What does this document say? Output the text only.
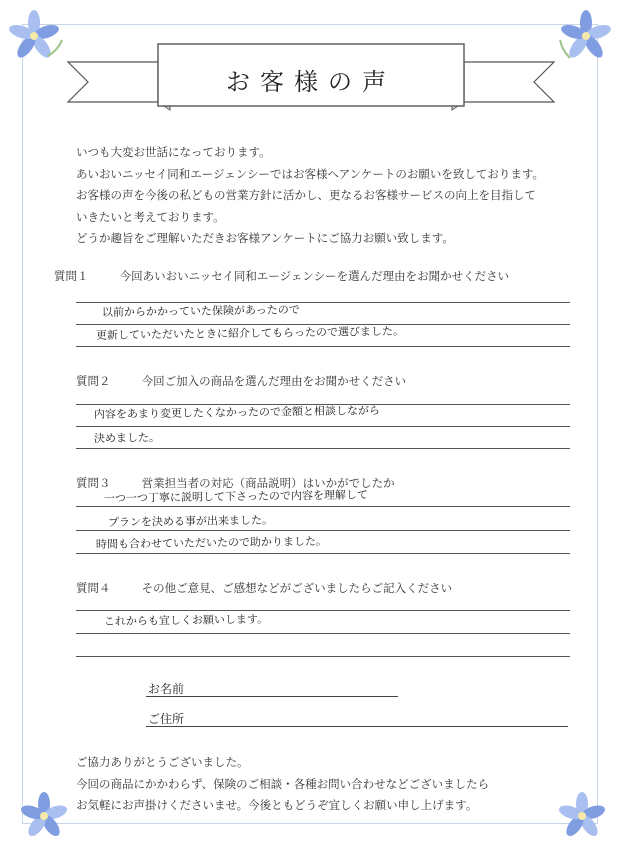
お客様の声
いつも大変お世話になっております。
あいおいニッセイ同和エージェンシーではお客様へアンケートのお願いを致しております。
お客様の声を今後の私どもの営業方針に活かし、更なるお客様サービスの向上を目指して
いきたいと考えております。
どうか趣旨をご理解いただきお客様アンケートにご協力お願い致します。
質問１	今回あいおいニッセイ同和エージェンシーを選んだ理由をお聞かせください
以前からかかっていた保険があったので
更新していただいたときに紹介してもらったので選びました。
質問２	今回ご加入の商品を選んだ理由をお聞かせください
内容をあまり変更したくなかったので金額と相談しながら
決めました。
質問３	営業担当者の対応（商品説明）はいかがでしたか
一つ一つ丁寧に説明して下さったので内容を理解して
プランを決める事が出来ました。
時間も合わせていただいたので助かりました。
質問４	その他ご意見、ご感想などがございましたらご記入ください
これからも宜しくお願いします。
お名前
ご住所
ご協力ありがとうございました。
今回の商品にかかわらず、保険のご相談・各種お問い合わせなどございましたら
お気軽にお声掛けくださいませ。今後ともどうぞ宜しくお願い申し上げます。
